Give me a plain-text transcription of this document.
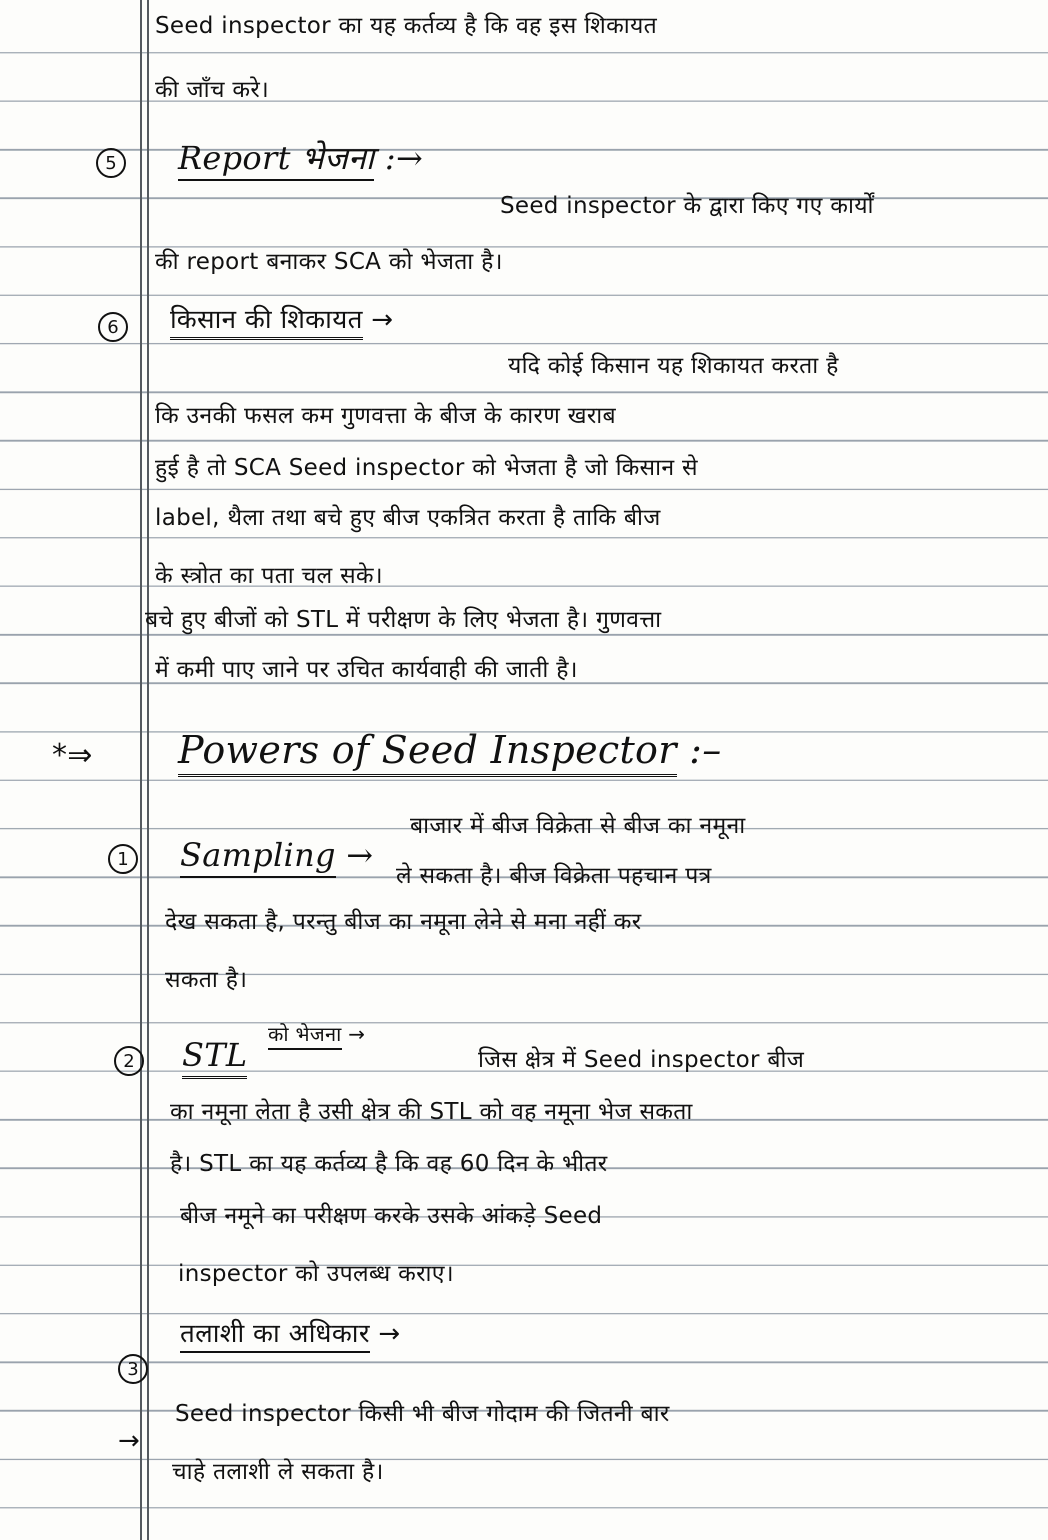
Seed inspector का यह कर्तव्य है कि वह इस शिकायत
की जाँच करे।
5 Report भेजना :→
Seed inspector के द्वारा किए गए कार्यों
की report बनाकर SCA को भेजता है।
6	किसान की शिकायत →
यदि कोई किसान यह शिकायत करता है
कि उनकी फसल कम गुणवत्ता के बीज के कारण खराब
हुई है तो SCA Seed inspector को भेजता है जो किसान से
label, थैला तथा बचे हुए बीज एकत्रित करता है ताकि बीज
के स्त्रोत का पता चल सके।
बचे हुए बीजों को STL में परीक्षण के लिए भेजता है। गुणवत्ता
में कमी पाए जाने पर उचित कार्यवाही की जाती है।
*⇒ Powers of Seed Inspector :–
बाजार में बीज विक्रेता से बीज का नमूना
1 Sampling →
ले सकता है। बीज विक्रेता पहचान पत्र
देख सकता है, परन्तु बीज का नमूना लेने से मना नहीं कर
सकता है।
2
को भेजना →
STL	जिस क्षेत्र में Seed inspector बीज
का नमूना लेता है उसी क्षेत्र की STL को वह नमूना भेज सकता
है। STL का यह कर्तव्य है कि वह 60 दिन के भीतर
बीज नमूने का परीक्षण करके उसके आंकड़े Seed
inspector को उपलब्ध कराए।
3
तलाशी का अधिकार →
→
Seed inspector किसी भी बीज गोदाम की जितनी बार
चाहे तलाशी ले सकता है।
